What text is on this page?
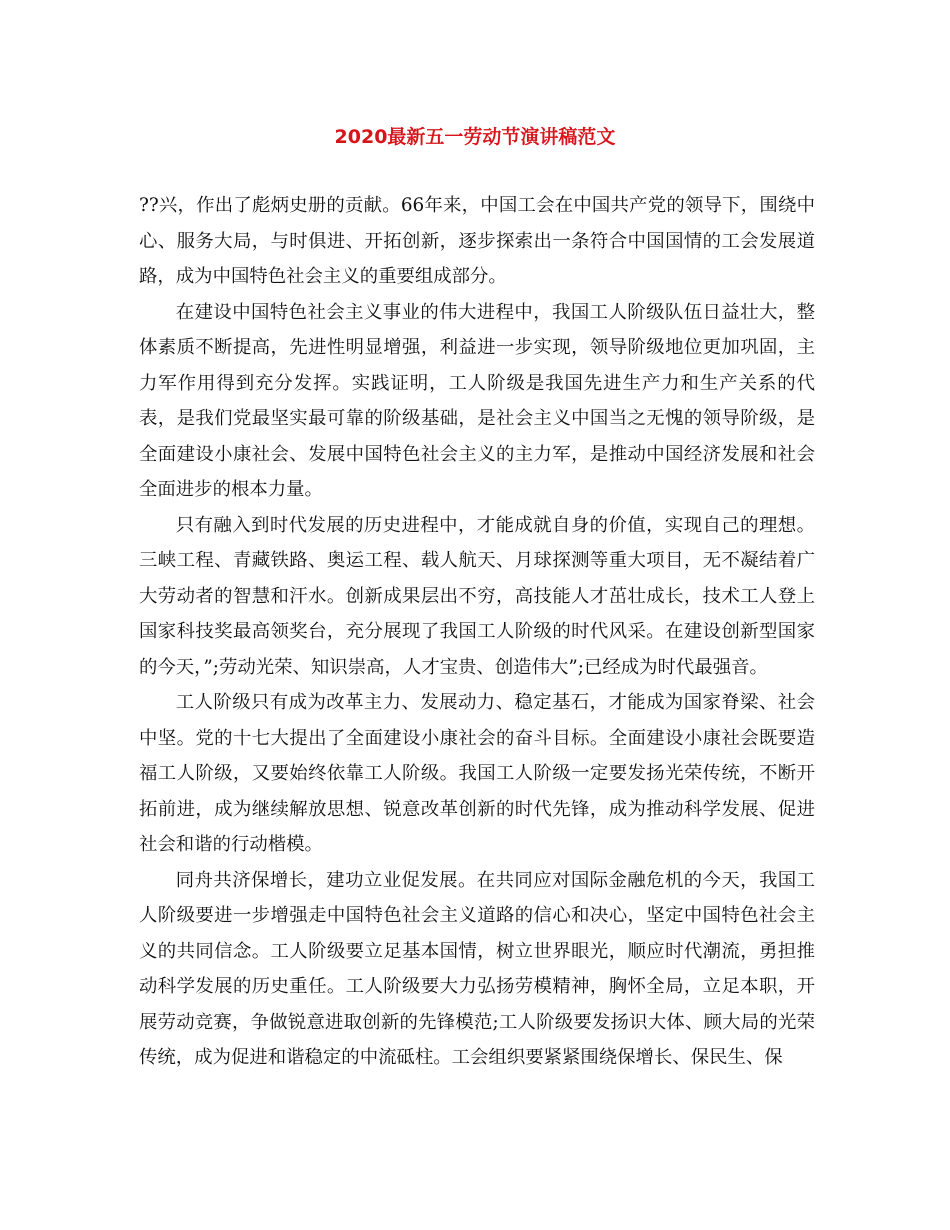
2020最新五一劳动节演讲稿范文

??兴，作出了彪炳史册的贡献。66年来，中国工会在中国共产党的领导下，围绕中心、服务大局，与时俱进、开拓创新，逐步探索出一条符合中国国情的工会发展道路，成为中国特色社会主义的重要组成部分。

在建设中国特色社会主义事业的伟大进程中，我国工人阶级队伍日益壮大，整体素质不断提高，先进性明显增强，利益进一步实现，领导阶级地位更加巩固，主力军作用得到充分发挥。实践证明，工人阶级是我国先进生产力和生产关系的代表，是我们党最坚实最可靠的阶级基础，是社会主义中国当之无愧的领导阶级，是全面建设小康社会、发展中国特色社会主义的主力军，是推动中国经济发展和社会全面进步的根本力量。

只有融入到时代发展的历史进程中，才能成就自身的价值，实现自己的理想。三峡工程、青藏铁路、奥运工程、载人航天、月球探测等重大项目，无不凝结着广大劳动者的智慧和汗水。创新成果层出不穷，高技能人才茁壮成长，技术工人登上国家科技奖最高领奖台，充分展现了我国工人阶级的时代风采。在建设创新型国家的今天，”;劳动光荣、知识崇高，人才宝贵、创造伟大”;已经成为时代最强音。

工人阶级只有成为改革主力、发展动力、稳定基石，才能成为国家脊梁、社会中坚。党的十七大提出了全面建设小康社会的奋斗目标。全面建设小康社会既要造福工人阶级，又要始终依靠工人阶级。我国工人阶级一定要发扬光荣传统，不断开拓前进，成为继续解放思想、锐意改革创新的时代先锋，成为推动科学发展、促进社会和谐的行动楷模。

同舟共济保增长，建功立业促发展。在共同应对国际金融危机的今天，我国工人阶级要进一步增强走中国特色社会主义道路的信心和决心，坚定中国特色社会主义的共同信念。工人阶级要立足基本国情，树立世界眼光，顺应时代潮流，勇担推动科学发展的历史重任。工人阶级要大力弘扬劳模精神，胸怀全局，立足本职，开展劳动竞赛，争做锐意进取创新的先锋模范;工人阶级要发扬识大体、顾大局的光荣传统，成为促进和谐稳定的中流砥柱。工会组织要紧紧围绕保增长、保民生、保
